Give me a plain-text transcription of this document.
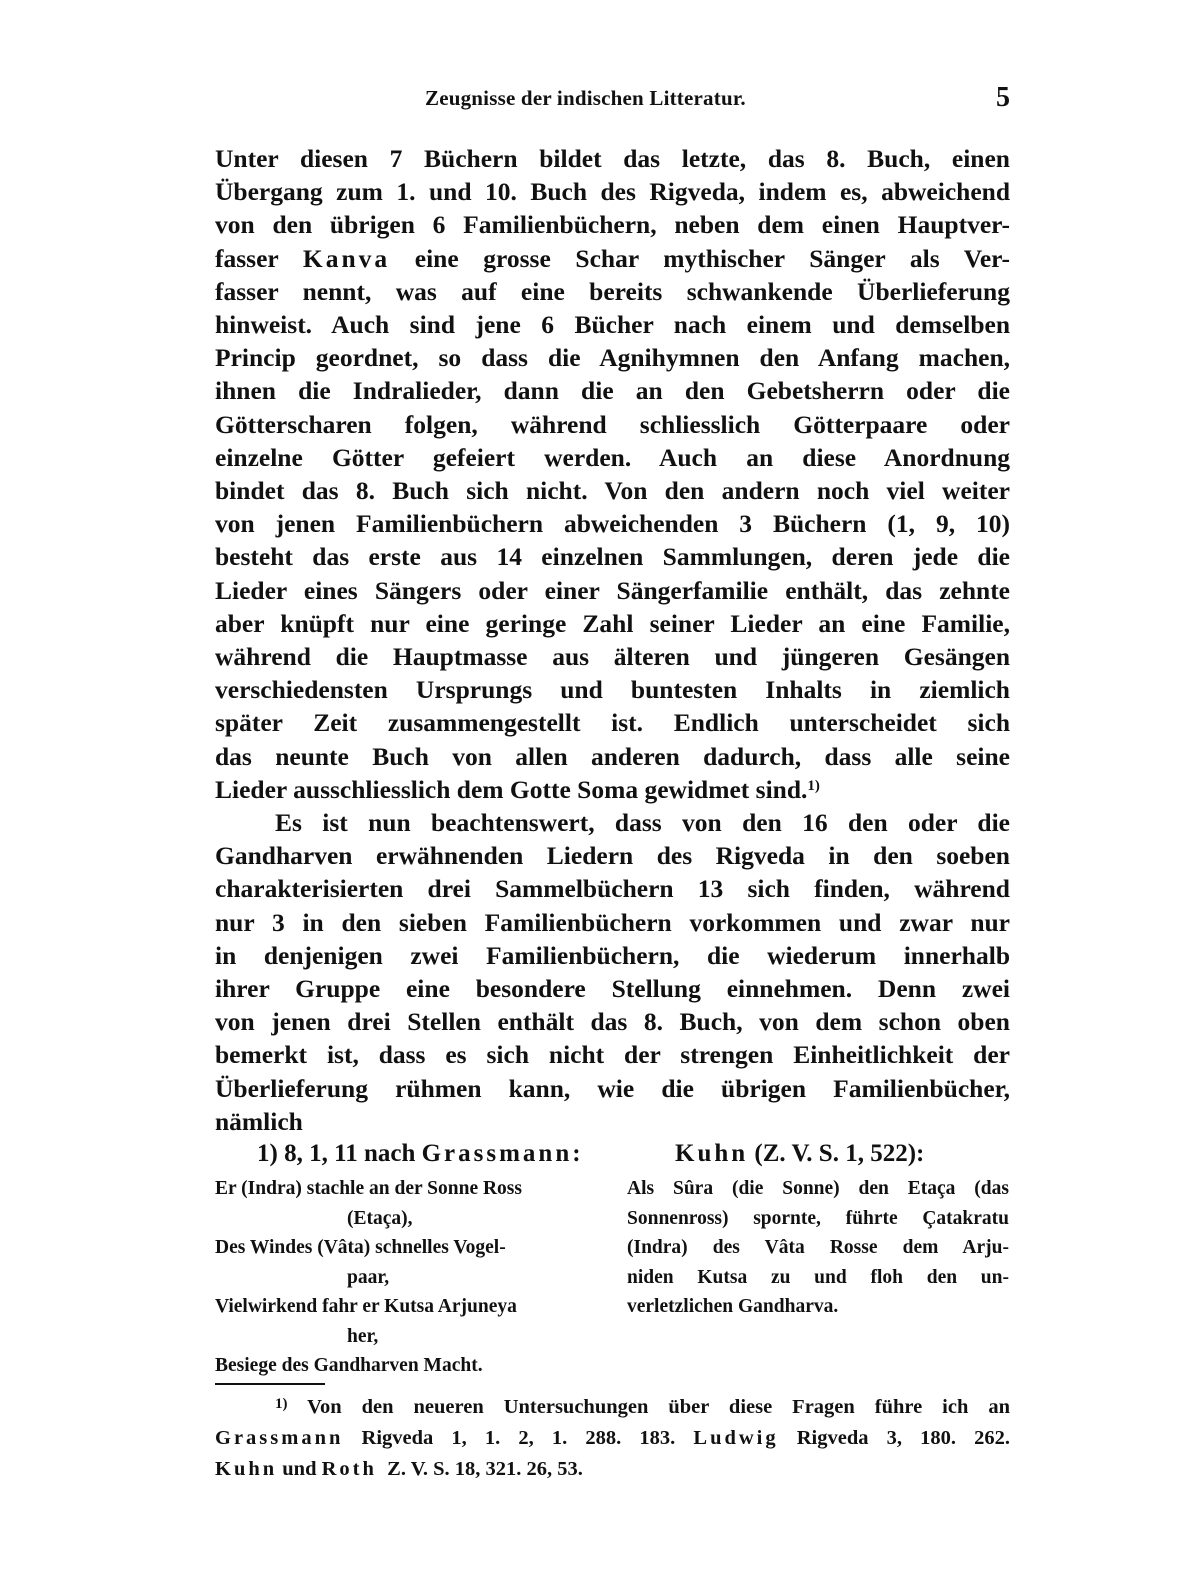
Zeugnisse der indischen Litteratur.	5
Unter diesen 7 Büchern bildet das letzte, das 8. Buch, einen
Übergang zum 1. und 10. Buch des Rigveda, indem es, abweichend
von den übrigen 6 Familienbüchern, neben dem einen Hauptver-
fasser Kanva eine grosse Schar mythischer Sänger als Ver-
fasser nennt, was auf eine bereits schwankende Überlieferung
hinweist. Auch sind jene 6 Bücher nach einem und demselben
Princip geordnet, so dass die Agnihymnen den Anfang machen,
ihnen die Indralieder, dann die an den Gebetsherrn oder die
Götterscharen folgen, während schliesslich Götterpaare oder
einzelne Götter gefeiert werden. Auch an diese Anordnung
bindet das 8. Buch sich nicht. Von den andern noch viel weiter
von jenen Familienbüchern abweichenden 3 Büchern (1, 9, 10)
besteht das erste aus 14 einzelnen Sammlungen, deren jede die
Lieder eines Sängers oder einer Sängerfamilie enthält, das zehnte
aber knüpft nur eine geringe Zahl seiner Lieder an eine Familie,
während die Hauptmasse aus älteren und jüngeren Gesängen
verschiedensten Ursprungs und buntesten Inhalts in ziemlich
später Zeit zusammengestellt ist. Endlich unterscheidet sich
das neunte Buch von allen anderen dadurch, dass alle seine
Lieder ausschliesslich dem Gotte Soma gewidmet sind.$^{1)}$
Es ist nun beachtenswert, dass von den 16 den oder die
Gandharven erwähnenden Liedern des Rigveda in den soeben
charakterisierten drei Sammelbüchern 13 sich finden, während
nur 3 in den sieben Familienbüchern vorkommen und zwar nur
in denjenigen zwei Familienbüchern, die wiederum innerhalb
ihrer Gruppe eine besondere Stellung einnehmen. Denn zwei
von jenen drei Stellen enthält das 8. Buch, von dem schon oben
bemerkt ist, dass es sich nicht der strengen Einheitlichkeit der
Überlieferung rühmen kann, wie die übrigen Familienbücher,
nämlich
1) 8, 1, 11 nach Grassmann:	Kuhn (Z. V. S. 1, 522):
Er (Indra) stachle an der Sonne Ross
(Etaça),
Des Windes (Vâta) schnelles Vogel-
paar,
Vielwirkend fahr er Kutsa Arjuneya
her,
Besiege des Gandharven Macht.
Als Sûra (die Sonne) den Etaça (das
Sonnenross) spornte, führte Çatakratu
(Indra) des Vâta Rosse dem Arju-
niden Kutsa zu und floh den un-
verletzlichen Gandharva.
$^{1)}$ Von den neueren Untersuchungen über diese Fragen führe ich an
Grassmann Rigveda 1, 1. 2, 1. 288. 183. Ludwig Rigveda 3, 180. 262.
Kuhn und Roth Z. V. S. 18, 321. 26, 53.
